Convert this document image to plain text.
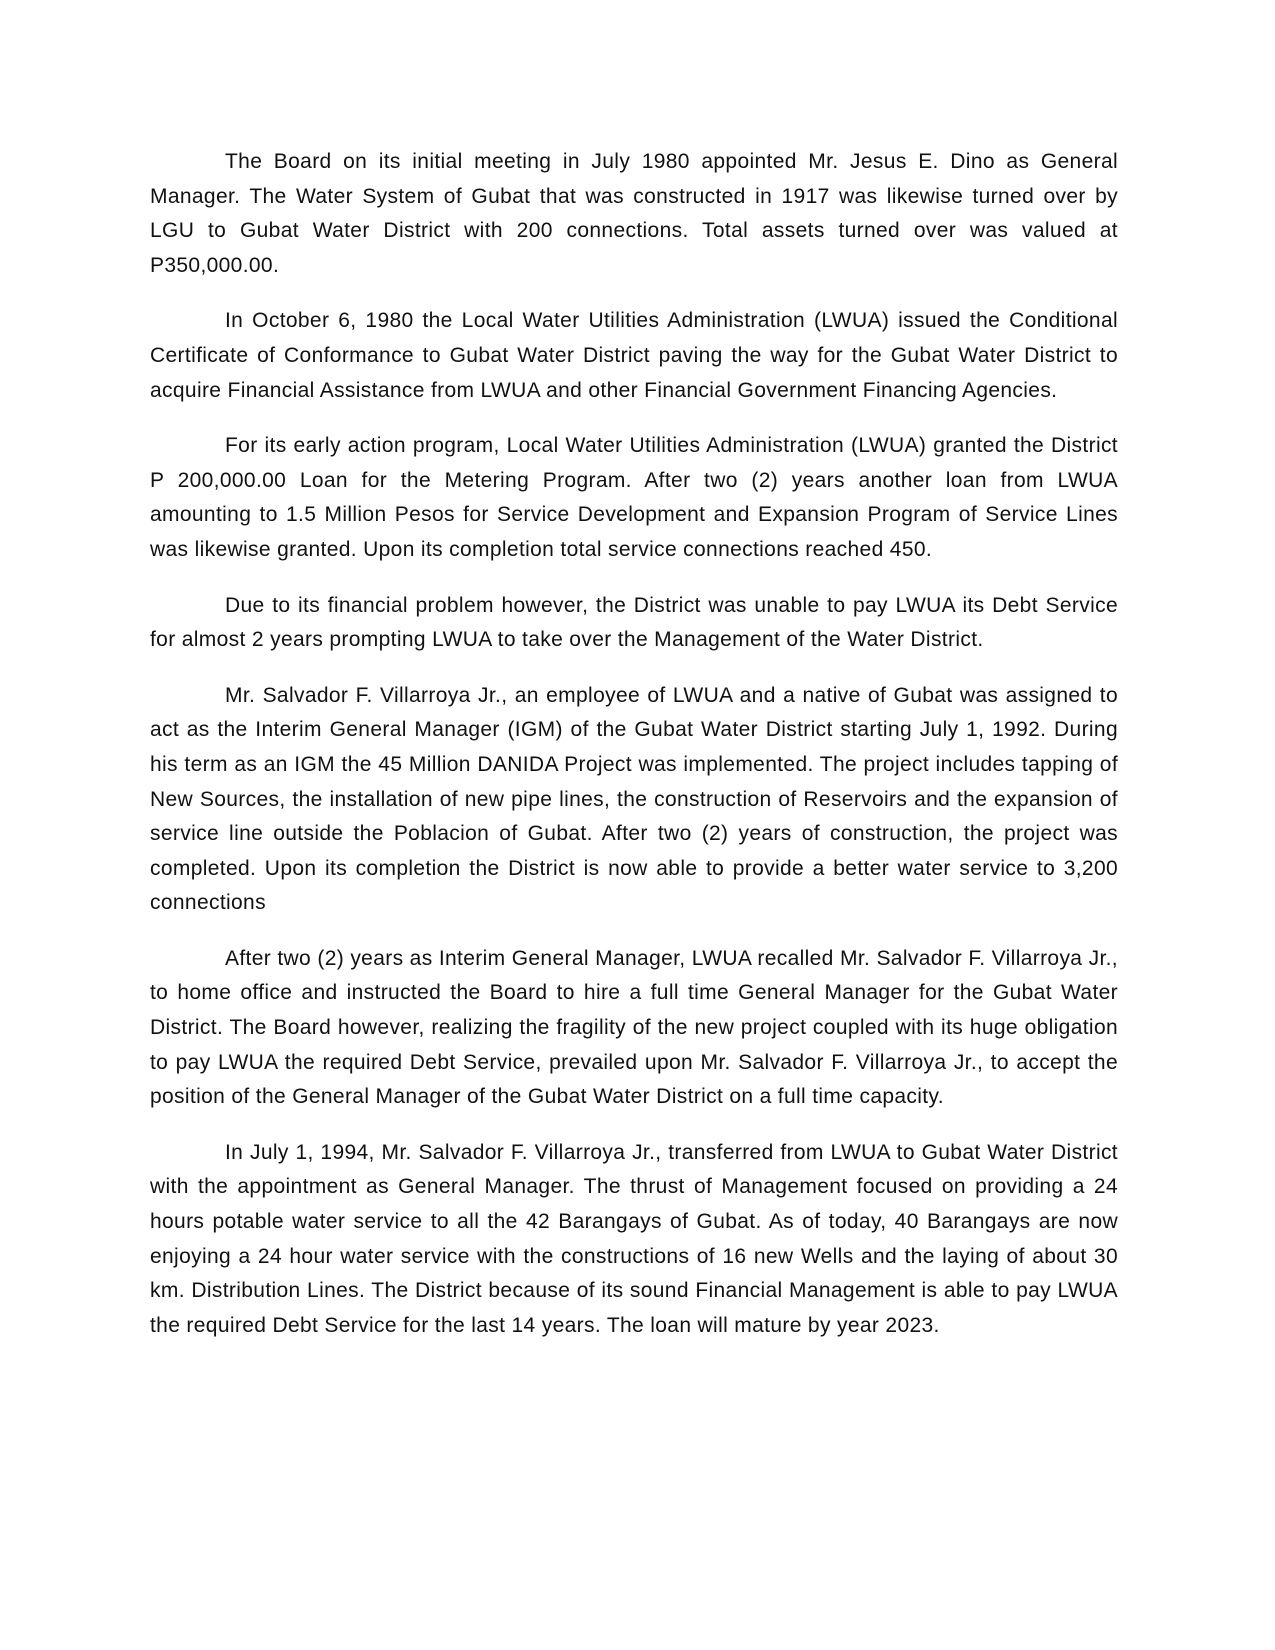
The Board on its initial meeting in July 1980 appointed Mr. Jesus E. Dino as General Manager. The Water System of Gubat that was constructed in 1917 was likewise turned over by LGU to Gubat Water District with 200 connections. Total assets turned over was valued at P350,000.00.

In October 6, 1980 the Local Water Utilities Administration (LWUA) issued the Conditional Certificate of Conformance to Gubat Water District paving the way for the Gubat Water District to acquire Financial Assistance from LWUA and other Financial Government Financing Agencies.

For its early action program, Local Water Utilities Administration (LWUA) granted the District P 200,000.00 Loan for the Metering Program. After two (2) years another loan from LWUA amounting to 1.5 Million Pesos for Service Development and Expansion Program of Service Lines was likewise granted. Upon its completion total service connections reached 450.

Due to its financial problem however, the District was unable to pay LWUA its Debt Service for almost 2 years prompting LWUA to take over the Management of the Water District.

Mr. Salvador F. Villarroya Jr., an employee of LWUA and a native of Gubat was assigned to act as the Interim General Manager (IGM) of the Gubat Water District starting July 1, 1992. During his term as an IGM the 45 Million DANIDA Project was implemented. The project includes tapping of New Sources, the installation of new pipe lines, the construction of Reservoirs and the expansion of service line outside the Poblacion of Gubat. After two (2) years of construction, the project was completed. Upon its completion the District is now able to provide a better water service to 3,200 connections

After two (2) years as Interim General Manager, LWUA recalled Mr. Salvador F. Villarroya Jr., to home office and instructed the Board to hire a full time General Manager for the Gubat Water District. The Board however, realizing the fragility of the new project coupled with its huge obligation to pay LWUA the required Debt Service, prevailed upon Mr. Salvador F. Villarroya Jr., to accept the position of the General Manager of the Gubat Water District on a full time capacity.

In July 1, 1994, Mr. Salvador F. Villarroya Jr., transferred from LWUA to Gubat Water District with the appointment as General Manager. The thrust of Management focused on providing a 24 hours potable water service to all the 42 Barangays of Gubat. As of today, 40 Barangays are now enjoying a 24 hour water service with the constructions of 16 new Wells and the laying of about 30 km. Distribution Lines. The District because of its sound Financial Management is able to pay LWUA the required Debt Service for the last 14 years. The loan will mature by year 2023.
